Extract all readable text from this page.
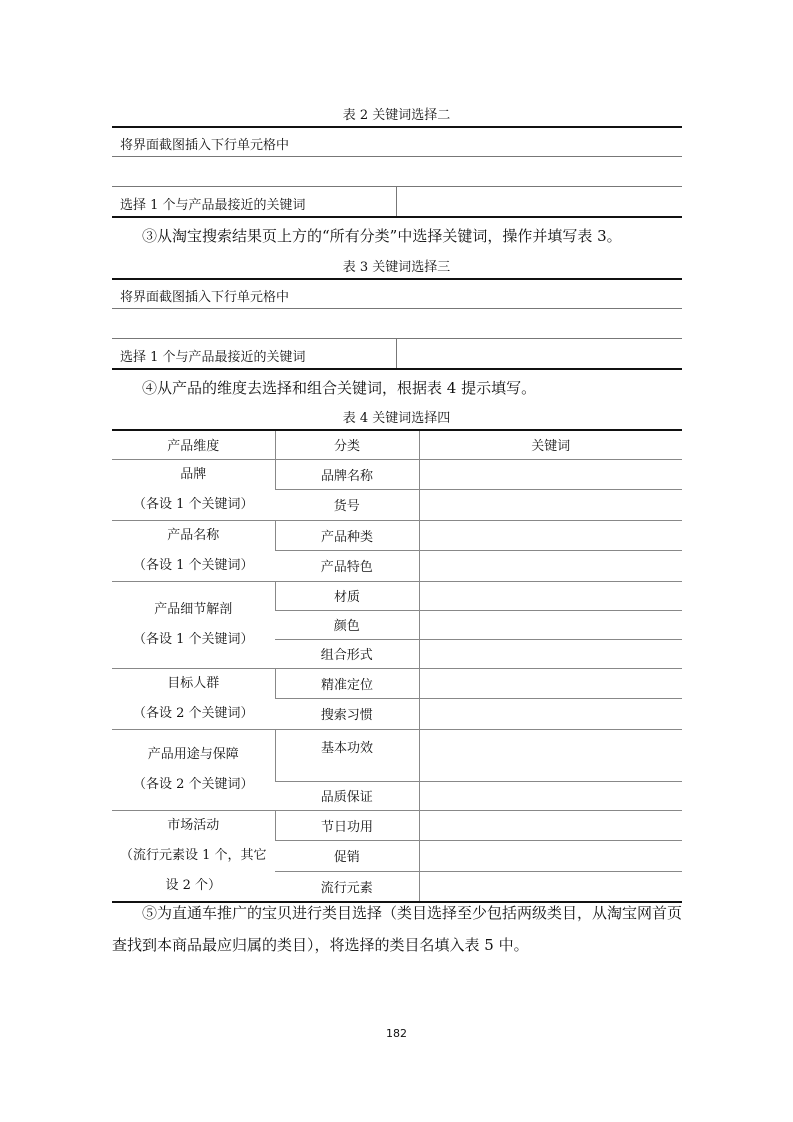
表 2 关键词选择二
将界面截图插入下行单元格中
选择 1 个与产品最接近的关键词
③从淘宝搜索结果页上方的“所有分类”中选择关键词，操作并填写表 3。
表 3 关键词选择三
将界面截图插入下行单元格中
选择 1 个与产品最接近的关键词
④从产品的维度去选择和组合关键词，根据表 4 提示填写。
表 4 关键词选择四
产品维度	分类	关键词

品牌
（各设 1 个关键词）	品牌名称	
	货号	

产品名称
（各设 1 个关键词）	产品种类	
	产品特色	

产品细节解剖
（各设 1 个关键词）	材质	
	颜色	
	组合形式	

目标人群
（各设 2 个关键词）	精准定位	
	搜索习惯	

产品用途与保障
（各设 2 个关键词）	基本功效	
	品质保证	

市场活动
（流行元素设 1 个，其它
设 2 个）	节日功用	
	促销	
	流行元素	
⑤为直通车推广的宝贝进行类目选择（类目选择至少包括两级类目，从淘宝网首页查找到本商品最应归属的类目），将选择的类目名填入表 5 中。
182
